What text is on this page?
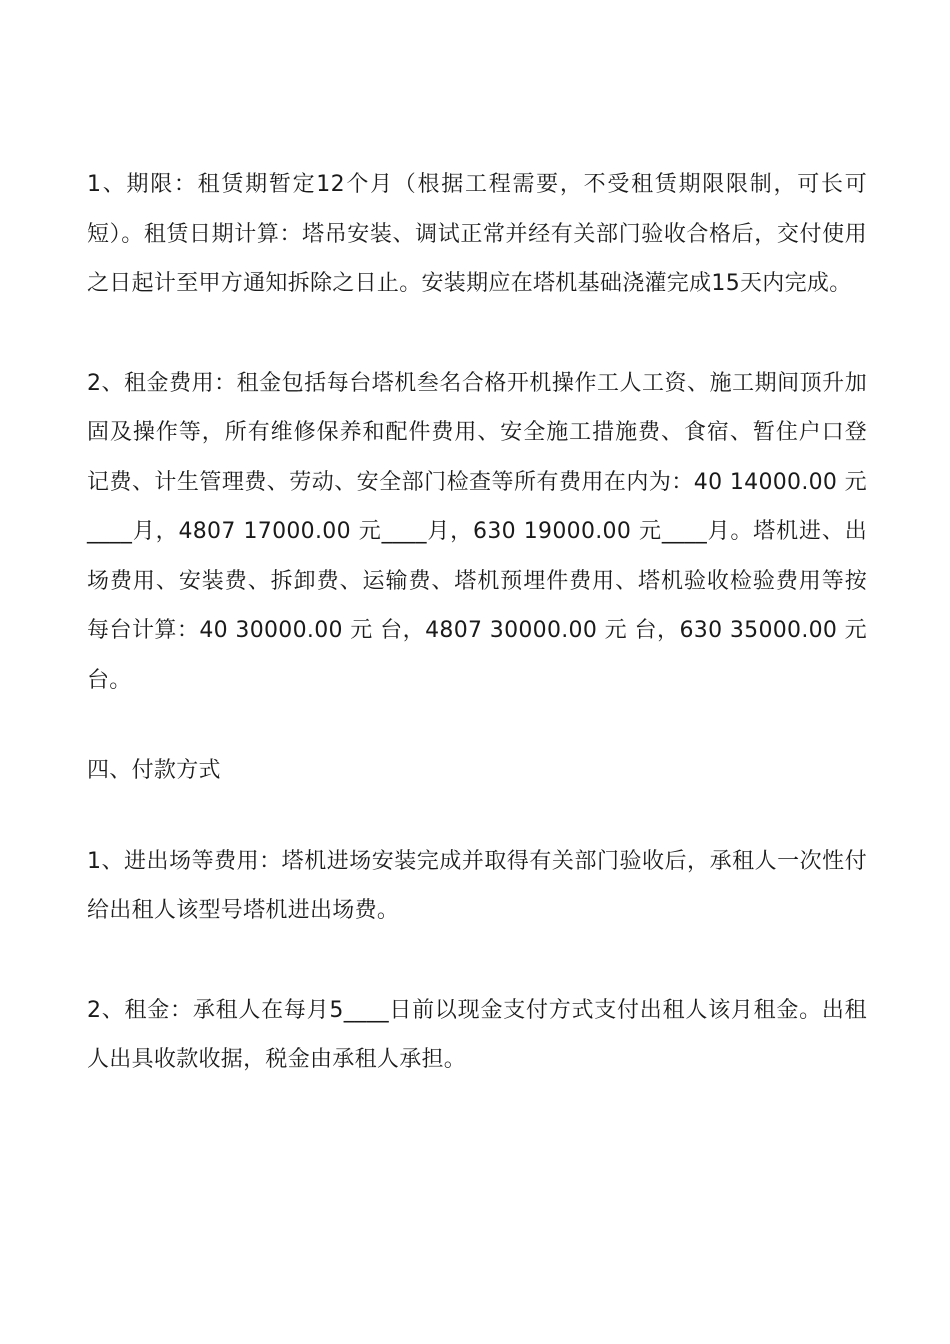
1、期限：租赁期暂定12个月（根据工程需要，不受租赁期限限制，可长可短）。租赁日期计算：塔吊安装、调试正常并经有关部门验收合格后，交付使用之日起计至甲方通知拆除之日止。安装期应在塔机基础浇灌完成15天内完成。

2、租金费用：租金包括每台塔机叁名合格开机操作工人工资、施工期间顶升加固及操作等，所有维修保养和配件费用、安全施工措施费、食宿、暂住户口登记费、计生管理费、劳动、安全部门检查等所有费用在内为：40 14000.00 元____月，4807 17000.00 元____月，630 19000.00 元____月。塔机进、出场费用、安装费、拆卸费、运输费、塔机预埋件费用、塔机验收检验费用等按每台计算：40 30000.00 元 台，4807 30000.00 元 台，630 35000.00 元 台。

四、付款方式

1、进出场等费用：塔机进场安装完成并取得有关部门验收后，承租人一次性付给出租人该型号塔机进出场费。

2、租金：承租人在每月5____日前以现金支付方式支付出租人该月租金。出租人出具收款收据，税金由承租人承担。
